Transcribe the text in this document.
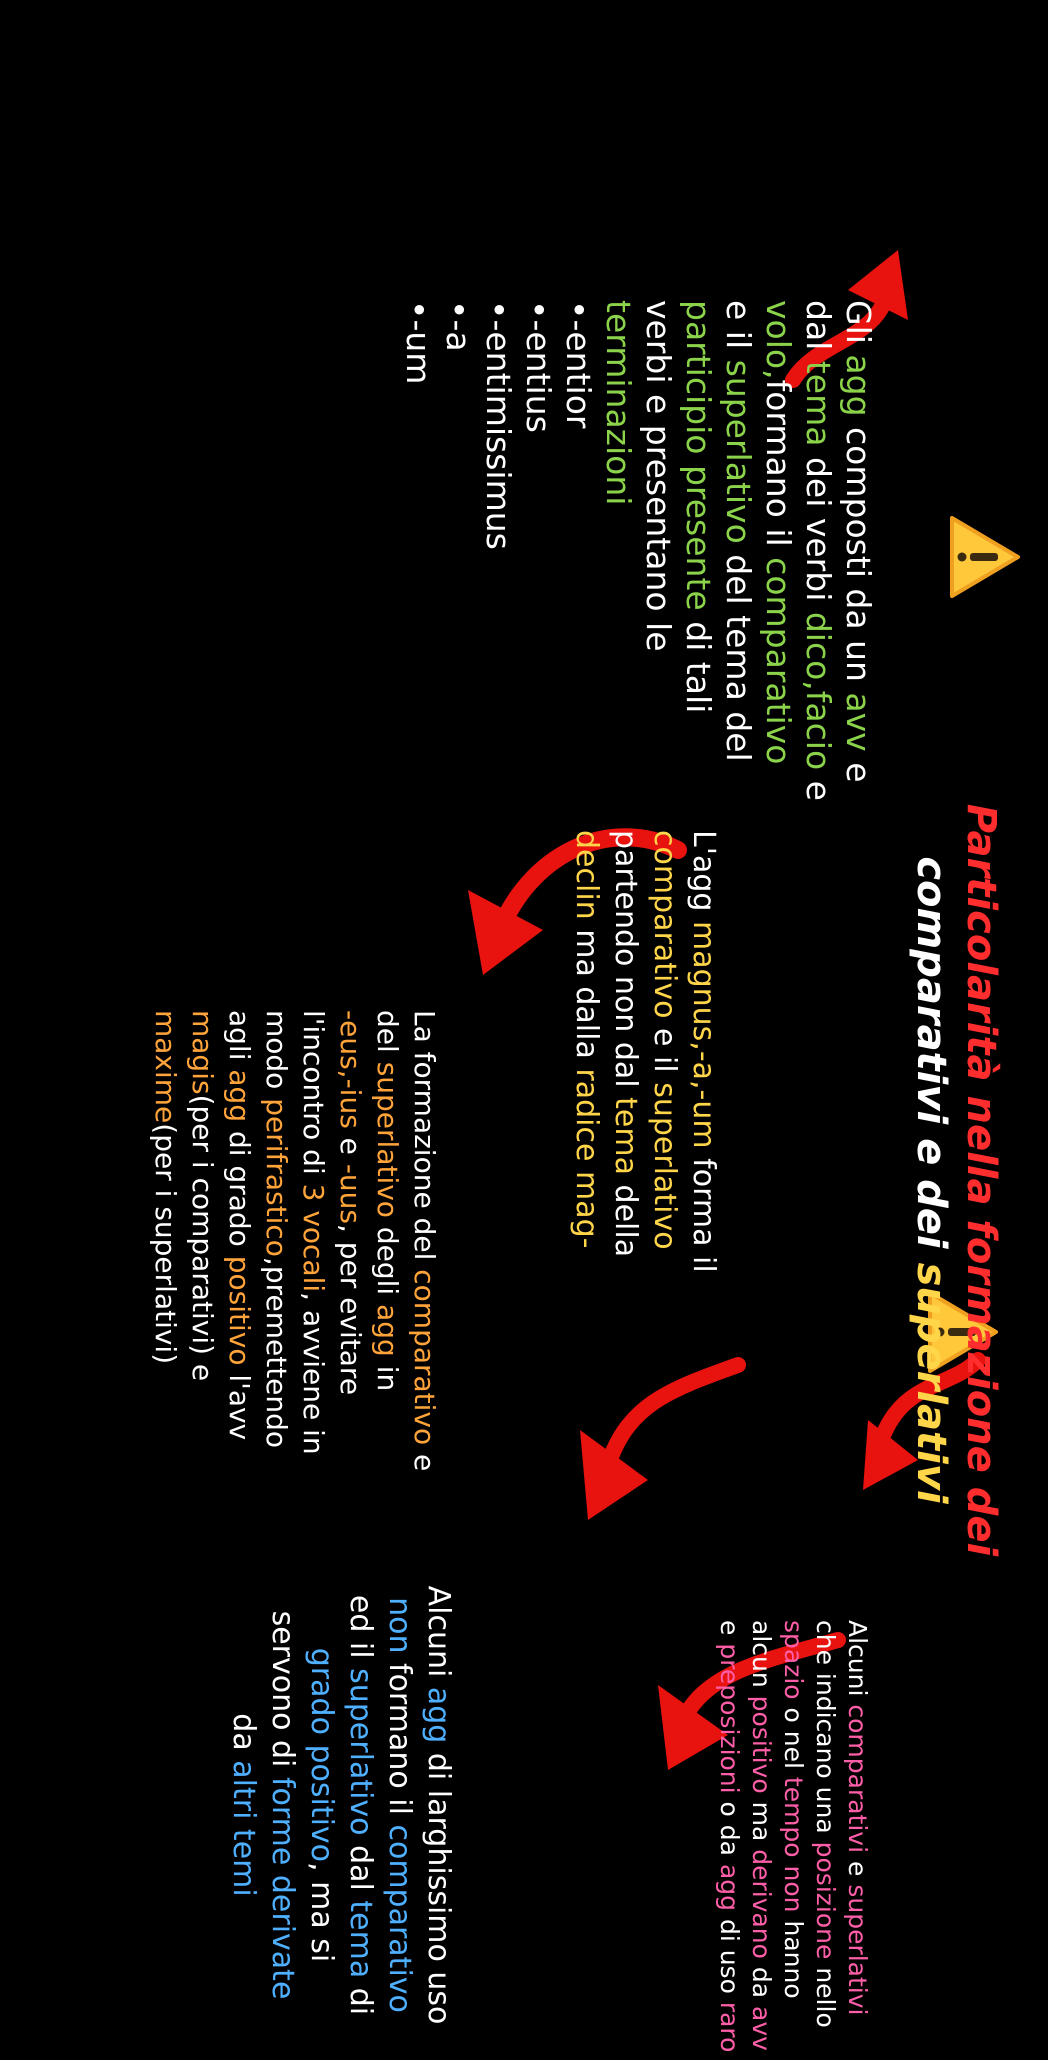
Particolarità nella formazione dei
comparativi e dei superlativi
Gli agg composti da un avv e
dal tema dei verbi dico,facio e
volo,formano il comparativo
e il superlativo del tema del
participio presente di tali
verbi e presentano le
terminazioni
•-entior
•-entius
•-entimissimus
•-a
•-um
La formazione del comparativo e
del superlativo degli agg in
-eus,-ius e -uus, per evitare
l'incontro di 3 vocali, avviene in
modo perifrastico,premettendo
agli agg di grado positivo l'avv
magis(per i comparativi) e
maxime(per i superlativi)
L'agg magnus,-a,-um forma il
comparativo e il superlativo
partendo non dal tema della
declin ma dalla radice mag-
Alcuni comparativi e superlativi
che indicano una posizione nello
spazio o nel tempo non hanno
alcun positivo ma derivano da avv
e preposizioni o da agg di uso raro
Alcuni agg di larghissimo uso
non formano il comparativo
ed il superlativo dal tema di
grado positivo, ma si
servono di forme derivate
da altri temi
